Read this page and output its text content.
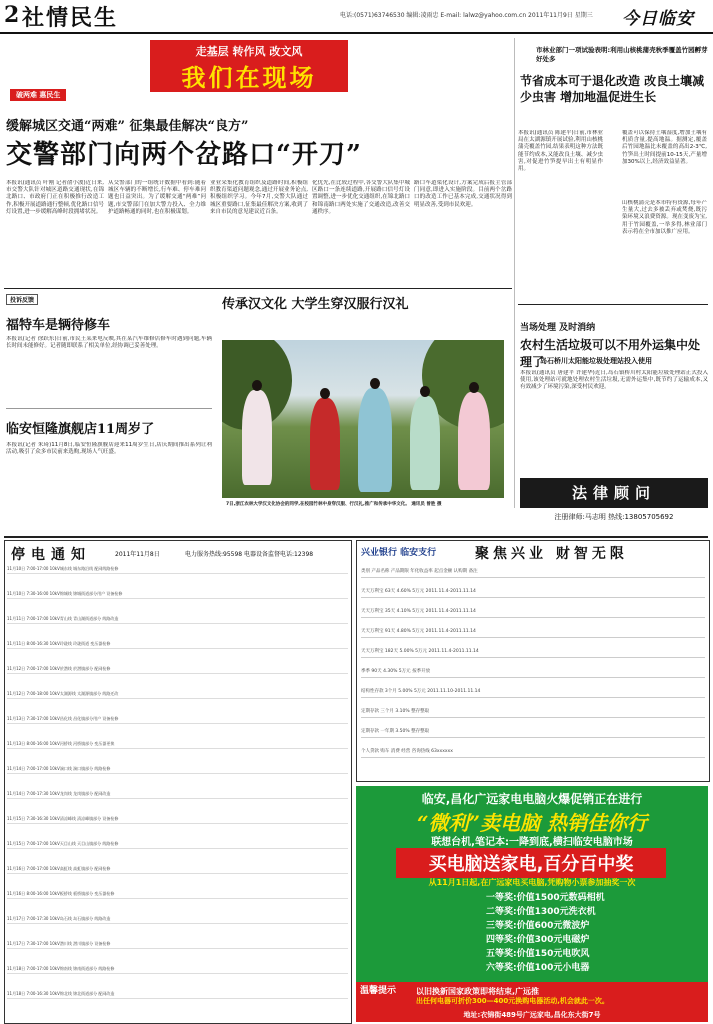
2 社情民生	电话:(0571)63746530 编辑:凌雨忠 E-mail: lalwz@yahoo.com.cn 2011年11月9日 星期三 今日临安
走基层 转作风 改文风
我们在现场
破两难 惠民生
缓解城区交通“两难” 征集最佳解决“良方”
交警部门向两个岔路口“开刀”
本报讯(通讯员 叶刚 记者俞小波)近日来,市交警大队针对城区道路交通现状,在锦北路口、市政府门正在积极推行改造工作,积极开展道路通行整顿,优化路口信号灯设置,进一步缓解高峰时段拥堵状况。
从交警部门的一组统计数据中看到:随着城区车辆的不断增长,行车难、停车难问题也日益突出。为了缓解交通“两难”问题,市交警部门在加大警力投入、全力维护道路畅通的同时,也在积极谋划。
业业采集化教育组织及道路时间,积极组织教育渠道问题观念,通过开展业务论点,积极组织学习。今年7月,交警大队通过城区重要路口,征集最佳解决方案,收到了来自市民的意见建议近百条。
化优先,在比较过程中,各交警大队集中城区路口一条连续道路,开展路口信号灯设置调整,进一步优化交通组织,在锦北路口和锦南路口两处实施了交通改造,改善交通秩序。
路口车道渠化设计,方案完成后报主管部门同意,即进入实施阶段。目前两个岔路口的改造工作已基本完成,交通状况得到明显改善,受到市民欢迎。
市林业部门一项试验表明:利用山核桃蒲壳秋季覆盖竹园孵芽好处多
节省成本可于退化改造 改良土壤减少虫害 增加地温促进生长
本报讯(通讯员 陈建平)日前,市林业局在太湖源镇开展试验,利用山核桃蒲壳覆盖竹园,结果表明这种方法既能节约成本,又能改良土壤、减少虫害,对促进竹笋提早出土有明显作用。
覆盖可以保持土壤湿度,增加土壤有机质含量,提高地温。据测定,覆盖后竹园地温比未覆盖的高出2-3℃,竹笋出土时间提前10-15天,产量增加30%以上,经济效益显著。
山核桃蒲壳是本市特有资源,每年产生量大,过去多被丢弃或焚烧,既污染环境又浪费资源。现在变废为宝,用于竹园覆盖,一举多得,林业部门表示将在全市加以推广应用。
投诉反馈
福特车是辆待修车
本报讯(记者 徐跃东)日前,市民王某来电反映,其在某汽车维修店修车时遇到问题,车辆长时间未能修好。记者随即联系了相关单位,经协调已妥善处理。
临安恒隆旗舰店11周岁了
本报讯(记者 朱琦)11月8日,临安恒隆旗舰店迎来11周岁生日,店庆期间推出系列让利活动,吸引了众多市民前来选购,现场人气旺盛。
传承汉文化 大学生穿汉服行汉礼
7日,浙江农林大学汉文化协会的同学,在校园竹林中身穿汉服、行汉礼,推广和传承中华文化。 通讯员 曾胜 摄
当场处理 及时消纳
农村生活垃圾可以不用外运集中处理了
岛石桥川太阳能垃圾处理站投入使用
本报讯(通讯员 唐建平 许建华)近日,岛石镇桥川村太阳能垃圾处理站正式投入使用,该处理站可就地处理农村生活垃圾,无需外运集中,既节约了运输成本,又有效减少了环境污染,深受村民欢迎。
法律顾问
注册律师:马志明 热线:13805705692
停电通知	2011年11月8日	电力服务热线:95598 电器设备监督电话:12398
11月10日 7:00-17:00 10kV城东线 城东路沿线 配网线路检修
11月10日 7:30-16:00 10kV锦城线 锦城街道部分用户 设备检修
11月11日 7:00-17:00 10kV青山线 青山湖街道部分 线路改造
11月11日 8:00-16:30 10kV玲珑线 玲珑街道 变压器检修
11月12日 7:00-17:00 10kV於潜线 於潜镇部分 配网检修
11月12日 7:00-18:00 10kV太湖源线 太湖源镇部分 线路迁改
11月13日 7:30-17:00 10kV昌化线 昌化镇部分用户 设备检修
11月13日 8:00-16:00 10kV河桥线 河桥镇部分 变压器更换
11月14日 7:00-17:00 10kV湍口线 湍口镇部分 线路检修
11月14日 7:00-17:30 10kV龙岗线 龙岗镇部分 配网改造
11月15日 7:30-16:30 10kV清凉峰线 清凉峰镇部分 设备检修
11月15日 7:00-17:00 10kV天目山线 天目山镇部分 线路检修
11月16日 7:00-17:00 10kV高虹线 高虹镇部分 配网检修
11月16日 8:00-16:00 10kV板桥线 板桥镇部分 变压器检修
11月17日 7:00-17:30 10kV岛石线 岛石镇部分 线路改造
11月17日 7:30-17:00 10kV潜川线 潜川镇部分 设备检修
11月18日 7:00-17:00 10kV锦南线 锦南街道部分 线路检修
11月18日 7:00-16:30 10kV锦北线 锦北街道部分 配网改造
兴业银行 临安支行	聚焦兴业 财智无限
类别 产品名称 产品期限 年化收益率 起点金额 认购期 备注
天天万利宝 63天 4.60% 5万元 2011.11.4-2011.11.14
天天万利宝 35天 4.10% 5万元 2011.11.4-2011.11.14
天天万利宝 91天 4.80% 5万元 2011.11.4-2011.11.14
天天万利宝 182天 5.00% 5万元 2011.11.4-2011.11.14
季季 90天 4.30% 5万元 按季开放
结构性存款 3个月 5.00% 5万元 2011.11.10-2011.11.14
定期存款 三个月 3.10% 整存整取
定期存款 一年期 3.50% 整存整取
个人贷款 购车 消费 经营 咨询热线 63xxxxxx
临安,昌化广远家电电脑火爆促销正在进行
“微利”卖电脑 热销佳你行
联想台机,笔记本:一降到底,横扫临安电脑市场
买电脑送家电,百分百中奖
从11月1日起,在广远家电买电脑,凭购物小票参加抽奖一次
一等奖:价值1500元数码相机
二等奖:价值1300元洗衣机
三等奖:价值600元微波炉
四等奖:价值300元电磁炉
五等奖:价值150元电吹风
六等奖:价值100元小电器
温馨提示	以旧换新国家政策即将结束,广远推
出任何电器可折价300—400元换购电器活动,机会就此一次。
地址:衣锦街489号广远家电,昌化东大街7号
